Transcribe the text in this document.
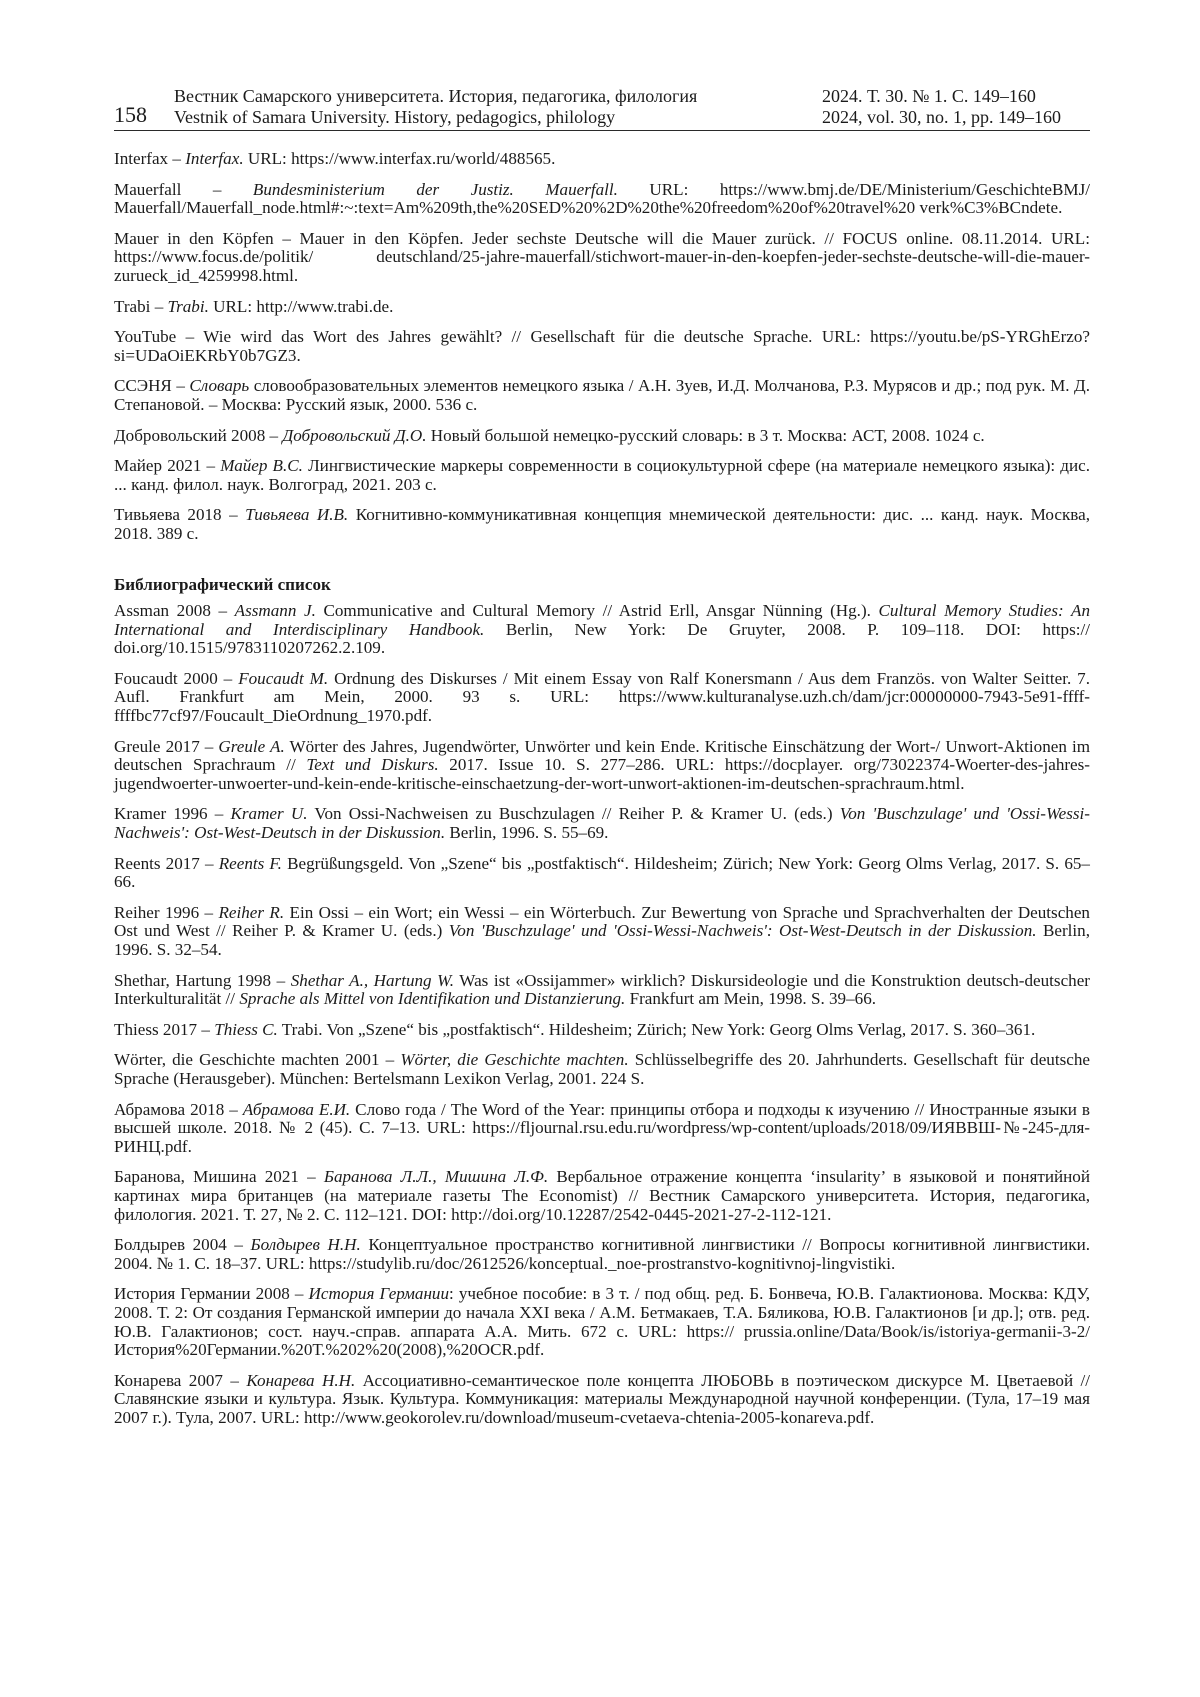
158
Вестник Самарского университета. История, педагогика, филология
Vestnik of Samara University. History, pedagogics, philology
2024. Т. 30. № 1. С. 149–160
2024, vol. 30, no. 1, pp. 149–160

Interfax – Interfax. URL: https://www.interfax.ru/world/488565.

Mauerfall – Bundesministerium der Justiz. Mauerfall. URL: https://www.bmj.de/DE/Ministerium/GeschichteBMJ/ Mauerfall/Mauerfall_node.html#:~:text=Am%209th,the%20SED%20%2D%20the%20freedom%20of%20travel%20 verk%C3%BCndete.

Mauer in den Köpfen – Mauer in den Köpfen. Jeder sechste Deutsche will die Mauer zurück. // FOCUS online. 08.11.2014. URL: https://www.focus.de/politik/ deutschland/25-jahre-mauerfall/stichwort-mauer-in-den-koepfen-jeder-sechste-deutsche-will-die-mauer-zurueck_id_4259998.html.

Trabi – Trabi. URL: http://www.trabi.de.

YouTube – Wie wird das Wort des Jahres gewählt? // Gesellschaft für die deutsche Sprache. URL: https://youtu.be/pS-YRGhErzo?si=UDaOiEKRbY0b7GZ3.

ССЭНЯ – Словарь словообразовательных элементов немецкого языка / А.Н. Зуев, И.Д. Молчанова, Р.З. Мурясов и др.; под рук. М. Д. Степановой. – Москва: Русский язык, 2000. 536 с.

Добровольский 2008 – Добровольский Д.О. Новый большой немецко-русский словарь: в 3 т. Москва: АСТ, 2008. 1024 с.

Майер 2021 – Майер В.С. Лингвистические маркеры современности в социокультурной сфере (на материале немецкого языка): дис. ... канд. филол. наук. Волгоград, 2021. 203 с.

Тивьяева 2018 – Тивьяева И.В. Когнитивно-коммуникативная концепция мнемической деятельности: дис. ... канд. наук. Москва, 2018. 389 с.

Библиографический список

Assman 2008 – Assmann J. Communicative and Cultural Memory // Astrid Erll, Ansgar Nünning (Hg.). Cultural Memory Studies: An International and Interdisciplinary Handbook. Berlin, New York: De Gruyter, 2008. P. 109–118. DOI: https:// doi.org/10.1515/9783110207262.2.109.

Foucaudt 2000 – Foucaudt M. Ordnung des Diskurses / Mit einem Essay von Ralf Konersmann / Aus dem Französ. von Walter Seitter. 7. Aufl. Frankfurt am Mein, 2000. 93 s. URL: https://www.kulturanalyse.uzh.ch/dam/jcr:00000000-7943-5e91-ffff-ffffbc77cf97/Foucault_DieOrdnung_1970.pdf.

Greule 2017 – Greule A. Wörter des Jahres, Jugendwörter, Unwörter und kein Ende. Kritische Einschätzung der Wort-/ Unwort-Aktionen im deutschen Sprachraum // Text und Diskurs. 2017. Issue 10. S. 277–286. URL: https://docplayer. org/73022374-Woerter-des-jahres-jugendwoerter-unwoerter-und-kein-ende-kritische-einschaetzung-der-wort-unwort-aktionen-im-deutschen-sprachraum.html.

Kramer 1996 – Kramer U. Von Ossi-Nachweisen zu Buschzulagen // Reiher P. & Kramer U. (eds.) Von 'Buschzulage' und 'Ossi-Wessi-Nachweis': Ost-West-Deutsch in der Diskussion. Berlin, 1996. S. 55–69.

Reents 2017 – Reents F. Begrüßungsgeld. Von „Szene“ bis „postfaktisch“. Hildesheim; Zürich; New York: Georg Olms Verlag, 2017. S. 65–66.

Reiher 1996 – Reiher R. Ein Ossi – ein Wort; ein Wessi – ein Wörterbuch. Zur Bewertung von Sprache und Sprachverhalten der Deutschen Ost und West // Reiher P. & Kramer U. (eds.) Von 'Buschzulage' und 'Ossi-Wessi-Nachweis': Ost-West-Deutsch in der Diskussion. Berlin, 1996. S. 32–54.

Shethar, Hartung 1998 – Shethar A., Hartung W. Was ist «Ossijammer» wirklich? Diskursideologie und die Konstruktion deutsch-deutscher Interkulturalität // Sprache als Mittel von Identifikation und Distanzierung. Frankfurt am Mein, 1998. S. 39–66.

Thiess 2017 – Thiess C. Trabi. Von „Szene“ bis „postfaktisch“. Hildesheim; Zürich; New York: Georg Olms Verlag, 2017. S. 360–361.

Wörter, die Geschichte machten 2001 – Wörter, die Geschichte machten. Schlüsselbegriffe des 20. Jahrhunderts. Gesellschaft für deutsche Sprache (Herausgeber). München: Bertelsmann Lexikon Verlag, 2001. 224 S.

Абрамова 2018 – Абрамова Е.И. Слово года / The Word of the Year: принципы отбора и подходы к изучению // Иностранные языки в высшей школе. 2018. № 2 (45). С. 7–13. URL: https://fljournal.rsu.edu.ru/wordpress/wp-content/uploads/2018/09/ИЯВВШ-№-245-для-РИНЦ.pdf.

Баранова, Мишина 2021 – Баранова Л.Л., Мишина Л.Ф. Вербальное отражение концепта ‘insularity’ в языковой и понятийной картинах мира британцев (на материале газеты The Economist) // Вестник Самарского университета. История, педагогика, филология. 2021. Т. 27, № 2. С. 112–121. DOI: http://doi.org/10.12287/2542-0445-2021-27-2-112-121.

Болдырев 2004 – Болдырев Н.Н. Концептуальное пространство когнитивной лингвистики // Вопросы когнитивной лингвистики. 2004. № 1. С. 18–37. URL: https://studylib.ru/doc/2612526/konceptual._noe-prostranstvo-kognitivnoj-lingvistiki.

История Германии 2008 – История Германии: учебное пособие: в 3 т. / под общ. ред. Б. Бонвеча, Ю.В. Галактионова. Москва: КДУ, 2008. Т. 2: От создания Германской империи до начала XXI века / А.М. Бетмакаев, Т.А. Бяликова, Ю.В. Галактионов [и др.]; отв. ред. Ю.В. Галактионов; сост. науч.-справ. аппарата А.А. Мить. 672 с. URL: https:// prussia.online/Data/Book/is/istoriya-germanii-3-2/История%20Германии.%20Т.%202%20(2008),%20OCR.pdf.

Конарева 2007 – Конарева Н.Н. Ассоциативно-семантическое поле концепта ЛЮБОВЬ в поэтическом дискурсе М. Цветаевой // Славянские языки и культура. Язык. Культура. Коммуникация: материалы Международной научной конференции. (Тула, 17–19 мая 2007 г.). Тула, 2007. URL: http://www.geokorolev.ru/download/museum-cvetaeva-chtenia-2005-konareva.pdf.
